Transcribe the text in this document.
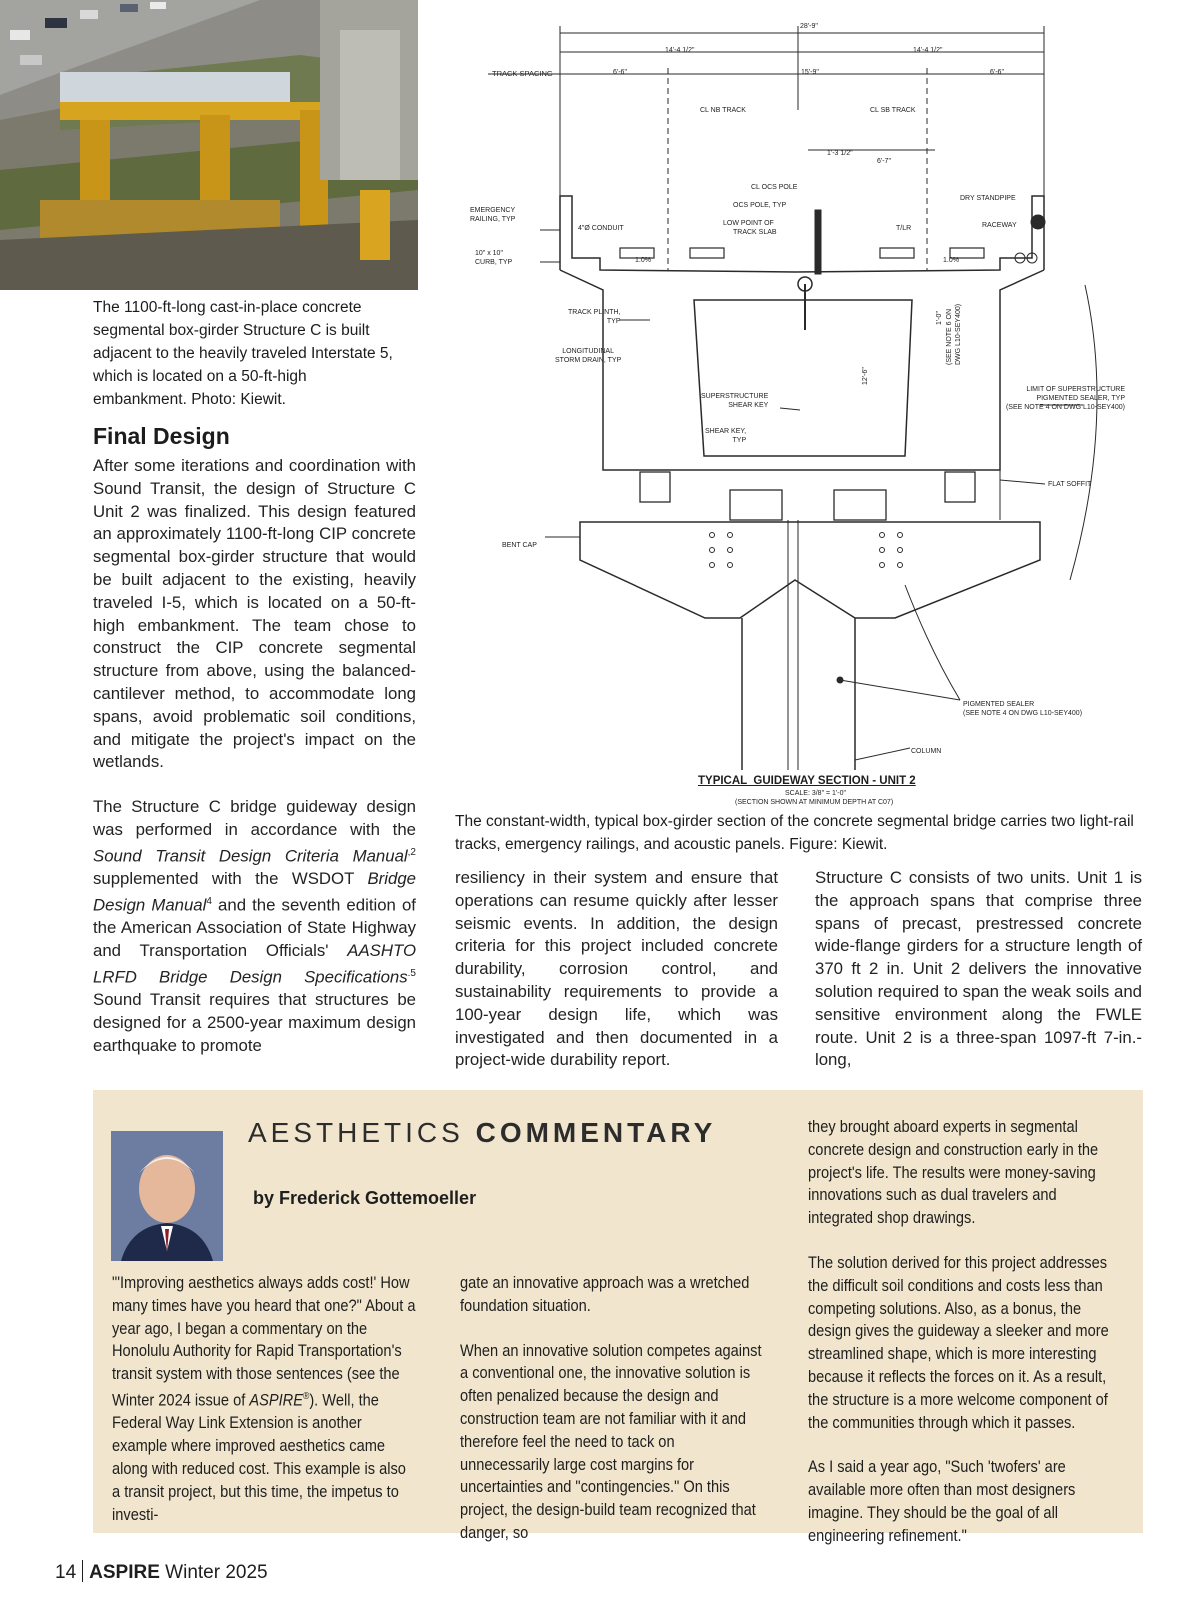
The 1100-ft-long cast-in-place concrete segmental box-girder Structure C is built adjacent to the heavily traveled Interstate 5, which is located on a 50-ft-high embankment. Photo: Kiewit.
Final Design

After some iterations and coordination with Sound Transit, the design of Structure C Unit 2 was finalized. This design featured an approximately 1100-ft-long CIP concrete segmental box-girder structure that would be built adjacent to the existing, heavily traveled I-5, which is located on a 50-ft-high embankment. The team chose to construct the CIP concrete segmental structure from above, using the balanced-cantilever method, to accommodate long spans, avoid problematic soil conditions, and mitigate the project's impact on the wetlands.

The Structure C bridge guideway design was performed in accordance with the Sound Transit Design Criteria Manual$^{,2}$ supplemented with the WSDOT Bridge Design Manual$^4$ and the seventh edition of the American Association of State Highway and Transportation Officials' AASHTO LRFD Bridge Design Specifications$^{.5}$ Sound Transit requires that structures be designed for a 2500-year maximum design earthquake to promote

28'-9"
14'-4 1/2"	14'-4 1/2"
TRACK SPACING	6'-6"	15'-9"	6'-6"
CL NB TRACK	CL SB TRACK
1'-3 1/2"
6'-7"
CL OCS POLE
OCS POLE, TYP
LOW POINT OF
TRACK SLAB
EMERGENCY
RAILING, TYP
4"Ø CONDUIT
10" x 10"
CURB, TYP	1.0%	1.0%
DRY STANDPIPE
RACEWAY
T/LR
TRACK PLINTH,
TYP
LONGITUDINAL
STORM DRAIN, TYP
SUPERSTRUCTURE
SHEAR KEY
SHEAR KEY,
TYP
12'-6"
1'-0" (SEE NOTE 6 ON DWG L10-SEY400)
LIMIT OF SUPERSTRUCTURE
PIGMENTED SEALER, TYP
(SEE NOTE 4 ON DWG L10-SEY400)
FLAT SOFFIT
BENT CAP
PIGMENTED SEALER
(SEE NOTE 4 ON DWG L10-SEY400)
COLUMN
TYPICAL  GUIDEWAY SECTION - UNIT 2
SCALE: 3/8" = 1'-0"
(SECTION SHOWN AT MINIMUM DEPTH AT C07)
The constant-width, typical box-girder section of the concrete segmental bridge carries two light-rail tracks, emergency railings, and acoustic panels. Figure: Kiewit.

resiliency in their system and ensure that operations can resume quickly after lesser seismic events. In addition, the design criteria for this project included concrete durability, corrosion control, and sustainability requirements to provide a 100-year design life, which was investigated and then documented in a project-wide durability report.

Structure C consists of two units. Unit 1 is the approach spans that comprise three spans of precast, prestressed concrete wide-flange girders for a structure length of 370 ft 2 in. Unit 2 delivers the innovative solution required to span the weak soils and sensitive environment along the FWLE route. Unit 2 is a three-span 1097-ft 7-in.-long,

AESTHETICS COMMENTARY
by Frederick Gottemoeller

"'Improving aesthetics always adds cost!' How many times have you heard that one?" About a year ago, I began a commentary on the Honolulu Authority for Rapid Transportation's transit system with those sentences (see the Winter 2024 issue of ASPIRE®). Well, the Federal Way Link Extension is another example where improved aesthetics came along with reduced cost. This example is also a transit project, but this time, the impetus to investi-

gate an innovative approach was a wretched foundation situation.

When an innovative solution competes against a conventional one, the innovative solution is often penalized because the design and construction team are not familiar with it and therefore feel the need to tack on unnecessarily large cost margins for uncertainties and "contingencies." On this project, the design-build team recognized that danger, so

they brought aboard experts in segmental concrete design and construction early in the project's life. The results were money-saving innovations such as dual travelers and integrated shop drawings.

The solution derived for this project addresses the difficult soil conditions and costs less than competing solutions. Also, as a bonus, the design gives the guideway a sleeker and more streamlined shape, which is more interesting because it reflects the forces on it. As a result, the structure is a more welcome component of the communities through which it passes.

As I said a year ago, "Such 'twofers' are available more often than most designers imagine. They should be the goal of all engineering refinement."

14 ASPIRE Winter 2025
